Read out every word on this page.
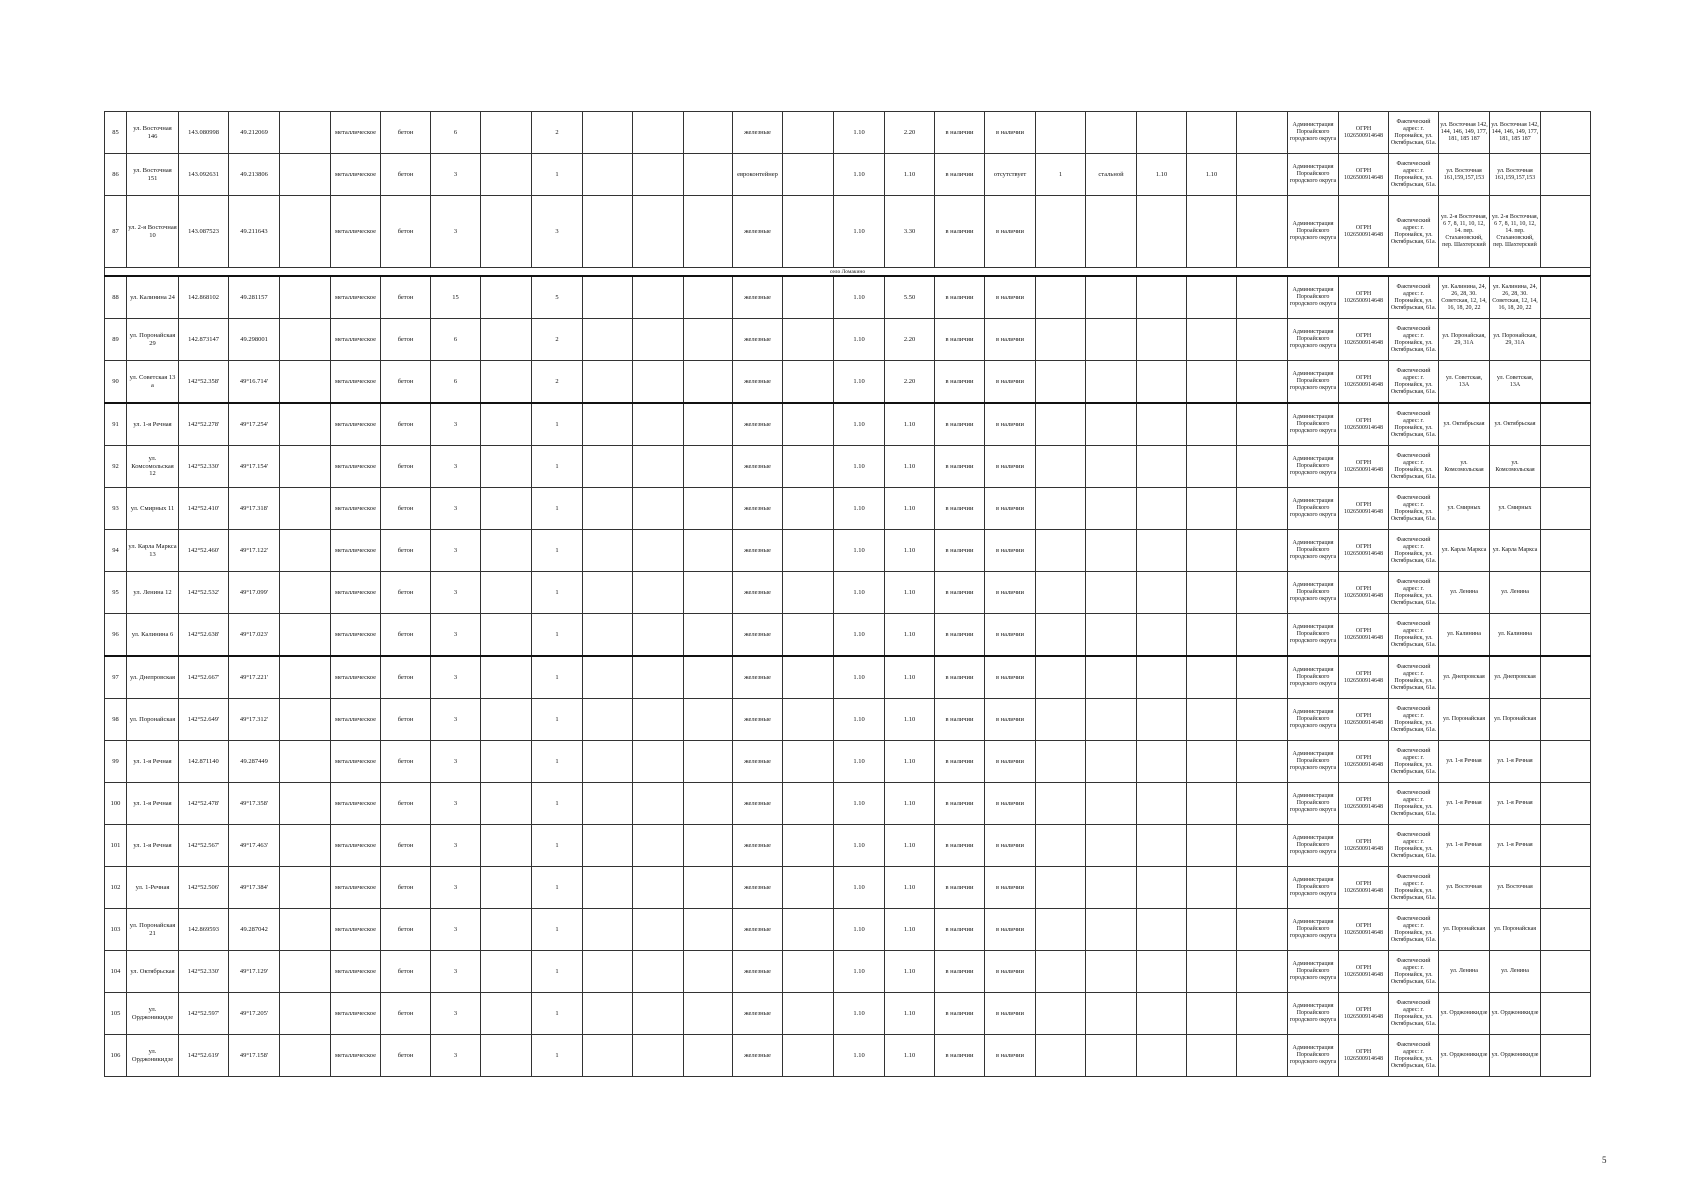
85	ул. Восточная 146	143.080998	49.212069		металлическое	бетон	6		2				железные		1.10	2.20	в наличии	в наличии						Администрация Пороайского городского округа	ОГРН 1026500914648	Фактический адрес: г. Поронайск, ул. Октябрьская, 61а.	ул. Восточная 142, 144, 146, 149, 177, 181, 185 187	ул. Восточная 142, 144, 146, 149, 177, 181, 185 187		
86	ул. Восточная 151	143.092631	49.213806		металлическое	бетон	3		1				евроконтейнер		1.10	1.10	в наличии	отсутствует	1	стальной	1.10	1.10		Администрация Пороайского городского округа	ОГРН 1026500914648	Фактический адрес: г. Поронайск, ул. Октябрьская, 61а.	ул. Восточная 161,159,157,153	ул. Восточная 161,159,157,153		
87	ул. 2-я Восточная 10	143.087523	49.211643		металлическое	бетон	3		3				железные		1.10	3.30	в наличии	в наличии						Администрация Пороайского городского округа	ОГРН 1026500914648	Фактический адрес: г. Поронайск, ул. Октябрьская, 61а.	ул. 2-я Восточная, 6 7, 8, 11, 10, 12, 14. пер. Стахановский, пер. Шахтерский	ул. 2-я Восточная, 6 7, 8, 11, 10, 12, 14. пер. Стахановский, пер. Шахтерский		
село Ломакино																														
88	ул. Калинина 24	142.868102	49.281157		металлическое	бетон	15		5				железные		1.10	5.50	в наличии	в наличии						Администрация Пороайского городского округа	ОГРН 1026500914648	Фактический адрес: г. Поронайск, ул. Октябрьская, 61а.	ул. Калинина, 24, 26, 28, 30. Советская, 12, 14, 16, 18, 20, 22	ул. Калинина, 24, 26, 28, 30. Советская, 12, 14, 16, 18, 20, 22		
89	ул. Поронайская 29	142.873147	49.298001		металлическое	бетон	6		2				железные		1.10	2.20	в наличии	в наличии						Администрация Пороайского городского округа	ОГРН 1026500914648	Фактический адрес: г. Поронайск, ул. Октябрьская, 61а.	ул. Поронайская, 29, 31А	ул. Поронайская, 29, 31А		
90	ул. Советская 13 а	142°52.358'	49°16.714'		металлическое	бетон	6		2				железные		1.10	2.20	в наличии	в наличии						Администрация Пороайского городского округа	ОГРН 1026500914648	Фактический адрес: г. Поронайск, ул. Октябрьская, 61а.	ул. Советская, 13А	ул. Советская, 13А		
91	ул. 1-я Речная	142°52.278'	49°17.254'		металлическое	бетон	3		1				железные		1.10	1.10	в наличии	в наличии						Администрация Пороайского городского округа	ОГРН 1026500914648	Фактический адрес: г. Поронайск, ул. Октябрьская, 61а.	ул. Октябрьская	ул. Октябрьская		
92	ул. Комсомольская 12	142°52.330'	49°17.154'		металлическое	бетон	3		1				железные		1.10	1.10	в наличии	в наличии						Администрация Пороайского городского округа	ОГРН 1026500914648	Фактический адрес: г. Поронайск, ул. Октябрьская, 61а.	ул. Комсомольская	ул. Комсомольская		
93	ул. Смирных 11	142°52.410'	49°17.318'		металлическое	бетон	3		1				железные		1.10	1.10	в наличии	в наличии						Администрация Пороайского городского округа	ОГРН 1026500914648	Фактический адрес: г. Поронайск, ул. Октябрьская, 61а.	ул. Смирных	ул. Смирных		
94	ул. Карла Маркса 13	142°52.460'	49°17.122'		металлическое	бетон	3		1				железные		1.10	1.10	в наличии	в наличии						Администрация Пороайского городского округа	ОГРН 1026500914648	Фактический адрес: г. Поронайск, ул. Октябрьская, 61а.	ул. Карла Маркса	ул. Карла Маркса		
95	ул. Ленина 12	142°52.532'	49°17.099'		металлическое	бетон	3		1				железные		1.10	1.10	в наличии	в наличии						Администрация Пороайского городского округа	ОГРН 1026500914648	Фактический адрес: г. Поронайск, ул. Октябрьская, 61а.	ул. Ленина	ул. Ленина		
96	ул. Калинина 6	142°52.638'	49°17.023'		металлическое	бетон	3		1				железные		1.10	1.10	в наличии	в наличии						Администрация Пороайского городского округа	ОГРН 1026500914648	Фактический адрес: г. Поронайск, ул. Октябрьская, 61а.	ул. Калинина	ул. Калинина		
97	ул. Днепровская	142°52.667'	49°17.221'		металлическое	бетон	3		1				железные		1.10	1.10	в наличии	в наличии						Администрация Пороайского городского округа	ОГРН 1026500914648	Фактический адрес: г. Поронайск, ул. Октябрьская, 61а.	ул. Днепровская	ул. Днепровская		
98	ул. Поронайская	142°52.649'	49°17.312'		металлическое	бетон	3		1				железные		1.10	1.10	в наличии	в наличии						Администрация Пороайского городского округа	ОГРН 1026500914648	Фактический адрес: г. Поронайск, ул. Октябрьская, 61а.	ул. Поронайская	ул. Поронайская		
99	ул. 1-я Речная	142.871140	49.287449		металлическое	бетон	3		1				железные		1.10	1.10	в наличии	в наличии						Администрация Пороайского городского округа	ОГРН 1026500914648	Фактический адрес: г. Поронайск, ул. Октябрьская, 61а.	ул. 1-я Речная	ул. 1-я Речная		
100	ул. 1-я Речная	142°52.478'	49°17.358'		металлическое	бетон	3		1				железные		1.10	1.10	в наличии	в наличии						Администрация Пороайского городского округа	ОГРН 1026500914648	Фактический адрес: г. Поронайск, ул. Октябрьская, 61а.	ул. 1-я Речная	ул. 1-я Речная		
101	ул. 1-я Речная	142°52.567'	49°17.463'		металлическое	бетон	3		1				железные		1.10	1.10	в наличии	в наличии						Администрация Пороайского городского округа	ОГРН 1026500914648	Фактический адрес: г. Поронайск, ул. Октябрьская, 61а.	ул. 1-я Речная	ул. 1-я Речная		
102	ул. 1-Речная	142°52.506'	49°17.384'		металлическое	бетон	3		1				железные		1.10	1.10	в наличии	в наличии						Администрация Пороайского городского округа	ОГРН 1026500914648	Фактический адрес: г. Поронайск, ул. Октябрьская, 61а.	ул. Восточная	ул. Восточная		
103	ул. Поронайская 21	142.869593	49.287042		металлическое	бетон	3		1				железные		1.10	1.10	в наличии	в наличии						Администрация Пороайского городского округа	ОГРН 1026500914648	Фактический адрес: г. Поронайск, ул. Октябрьская, 61а.	ул. Поронайская	ул. Поронайская		
104	ул. Октябрьская	142°52.330'	49°17.129'		металлическое	бетон	3		1				железные		1.10	1.10	в наличии	в наличии						Администрация Пороайского городского округа	ОГРН 1026500914648	Фактический адрес: г. Поронайск, ул. Октябрьская, 61а.	ул. Ленина	ул. Ленина		
105	ул. Орджоникидзе	142°52.597'	49°17.205'		металлическое	бетон	3		1				железные		1.10	1.10	в наличии	в наличии						Администрация Пороайского городского округа	ОГРН 1026500914648	Фактический адрес: г. Поронайск, ул. Октябрьская, 61а.	ул. Орджоникидзе	ул. Орджоникидзе		
106	ул. Орджоникидзе	142°52.619'	49°17.158'		металлическое	бетон	3		1				железные		1.10	1.10	в наличии	в наличии						Администрация Пороайского городского округа	ОГРН 1026500914648	Фактический адрес: г. Поронайск, ул. Октябрьская, 61а.	ул. Орджоникидзе	ул. Орджоникидзе		
5
